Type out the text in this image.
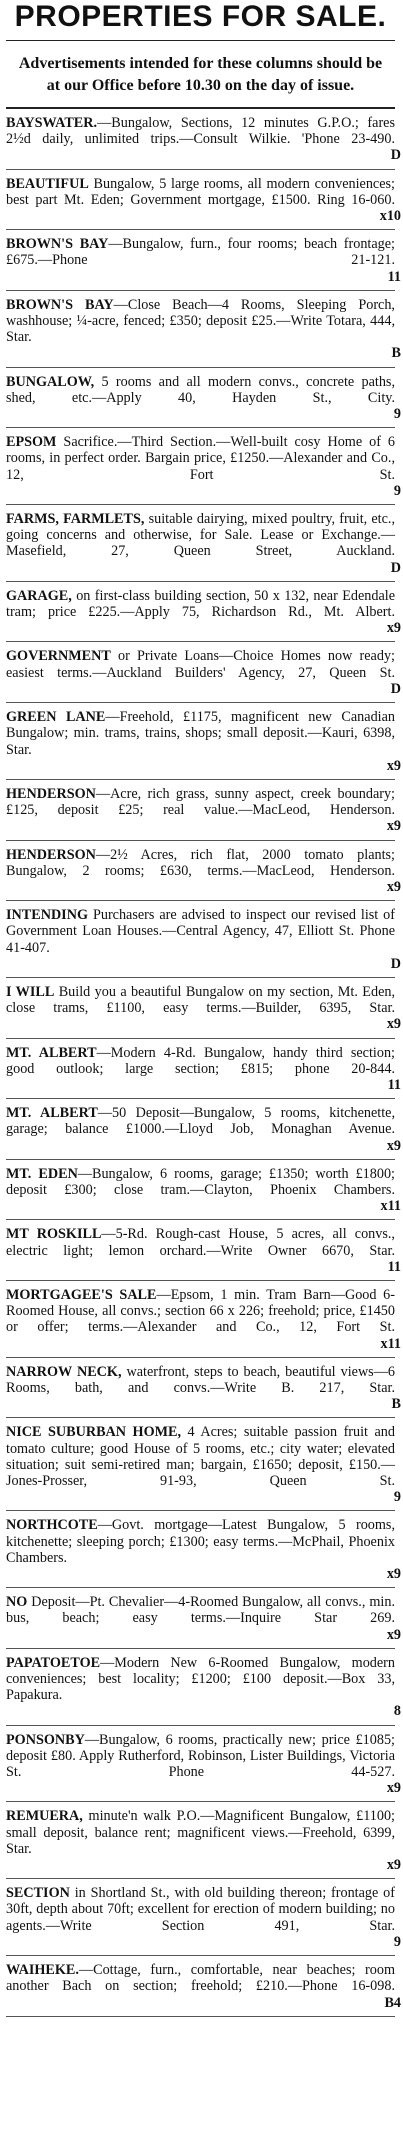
PROPERTIES FOR SALE.
Advertisements intended for these columns should be at our Office before 10.30 on the day of issue.
BAYSWATER.—Bungalow, Sections, 12 minutes G.P.O.; fares 2½d daily, unlimited trips.—Consult Wilkie. 'Phone 23-490.D
BEAUTIFUL Bungalow, 5 large rooms, all modern conveniences; best part Mt. Eden; Government mortgage, £1500. Ring 16-060.x10
BROWN'S BAY—Bungalow, furn., four rooms; beach frontage; £675.—Phone 21-121.11
BROWN'S BAY—Close Beach—4 Rooms, Sleeping Porch, washhouse; ¼-acre, fenced; £350; deposit £25.—Write Totara, 444, Star.B
BUNGALOW, 5 rooms and all modern convs., concrete paths, shed, etc.—Apply 40, Hayden St., City.9
EPSOM Sacrifice.—Third Section.—Well-built cosy Home of 6 rooms, in perfect order. Bargain price, £1250.—Alexander and Co., 12, Fort St.9
FARMS, FARMLETS, suitable dairying, mixed poultry, fruit, etc., going concerns and otherwise, for Sale. Lease or Exchange.—Masefield, 27, Queen Street, Auckland.D
GARAGE, on first-class building section, 50 x 132, near Edendale tram; price £225.—Apply 75, Richardson Rd., Mt. Albert.x9
GOVERNMENT or Private Loans—Choice Homes now ready; easiest terms.—Auckland Builders' Agency, 27, Queen St.D
GREEN LANE—Freehold, £1175, magnificent new Canadian Bungalow; min. trams, trains, shops; small deposit.—Kauri, 6398, Star.x9
HENDERSON—Acre, rich grass, sunny aspect, creek boundary; £125, deposit £25; real value.—MacLeod, Henderson.x9
HENDERSON—2½ Acres, rich flat, 2000 tomato plants; Bungalow, 2 rooms; £630, terms.—MacLeod, Henderson.x9
INTENDING Purchasers are advised to inspect our revised list of Government Loan Houses.—Central Agency, 47, Elliott St. Phone 41-407.D
I WILL Build you a beautiful Bungalow on my section, Mt. Eden, close trams, £1100, easy terms.—Builder, 6395, Star.x9
MT. ALBERT—Modern 4-Rd. Bungalow, handy third section; good outlook; large section; £815; phone 20-844.11
MT. ALBERT—50 Deposit—Bungalow, 5 rooms, kitchenette, garage; balance £1000.—Lloyd Job, Monaghan Avenue.x9
MT. EDEN—Bungalow, 6 rooms, garage; £1350; worth £1800; deposit £300; close tram.—Clayton, Phoenix Chambers.x11
MT ROSKILL—5-Rd. Rough-cast House, 5 acres, all convs., electric light; lemon orchard.—Write Owner 6670, Star.11
MORTGAGEE'S SALE—Epsom, 1 min. Tram Barn—Good 6-Roomed House, all convs.; section 66 x 226; freehold; price, £1450 or offer; terms.—Alexander and Co., 12, Fort St.x11
NARROW NECK, waterfront, steps to beach, beautiful views—6 Rooms, bath, and convs.—Write B. 217, Star.B
NICE SUBURBAN HOME, 4 Acres; suitable passion fruit and tomato culture; good House of 5 rooms, etc.; city water; elevated situation; suit semi-retired man; bargain, £1650; deposit, £150.—Jones-Prosser, 91-93, Queen St.9
NORTHCOTE—Govt. mortgage—Latest Bungalow, 5 rooms, kitchenette; sleeping porch; £1300; easy terms.—McPhail, Phoenix Chambers.x9
NO Deposit—Pt. Chevalier—4-Roomed Bungalow, all convs., min. bus, beach; easy terms.—Inquire Star 269.x9
PAPATOETOE—Modern New 6-Roomed Bungalow, modern conveniences; best locality; £1200; £100 deposit.—Box 33, Papakura.8
PONSONBY—Bungalow, 6 rooms, practically new; price £1085; deposit £80. Apply Rutherford, Robinson, Lister Buildings, Victoria St. Phone 44-527.x9
REMUERA, minute'n walk P.O.—Magnificent Bungalow, £1100; small deposit, balance rent; magnificent views.—Freehold, 6399, Star.x9
SECTION in Shortland St., with old building thereon; frontage of 30ft, depth about 70ft; excellent for erection of modern building; no agents.—Write Section 491, Star.9
WAIHEKE.—Cottage, furn., comfortable, near beaches; room another Bach on section; freehold; £210.—Phone 16-098.B4
